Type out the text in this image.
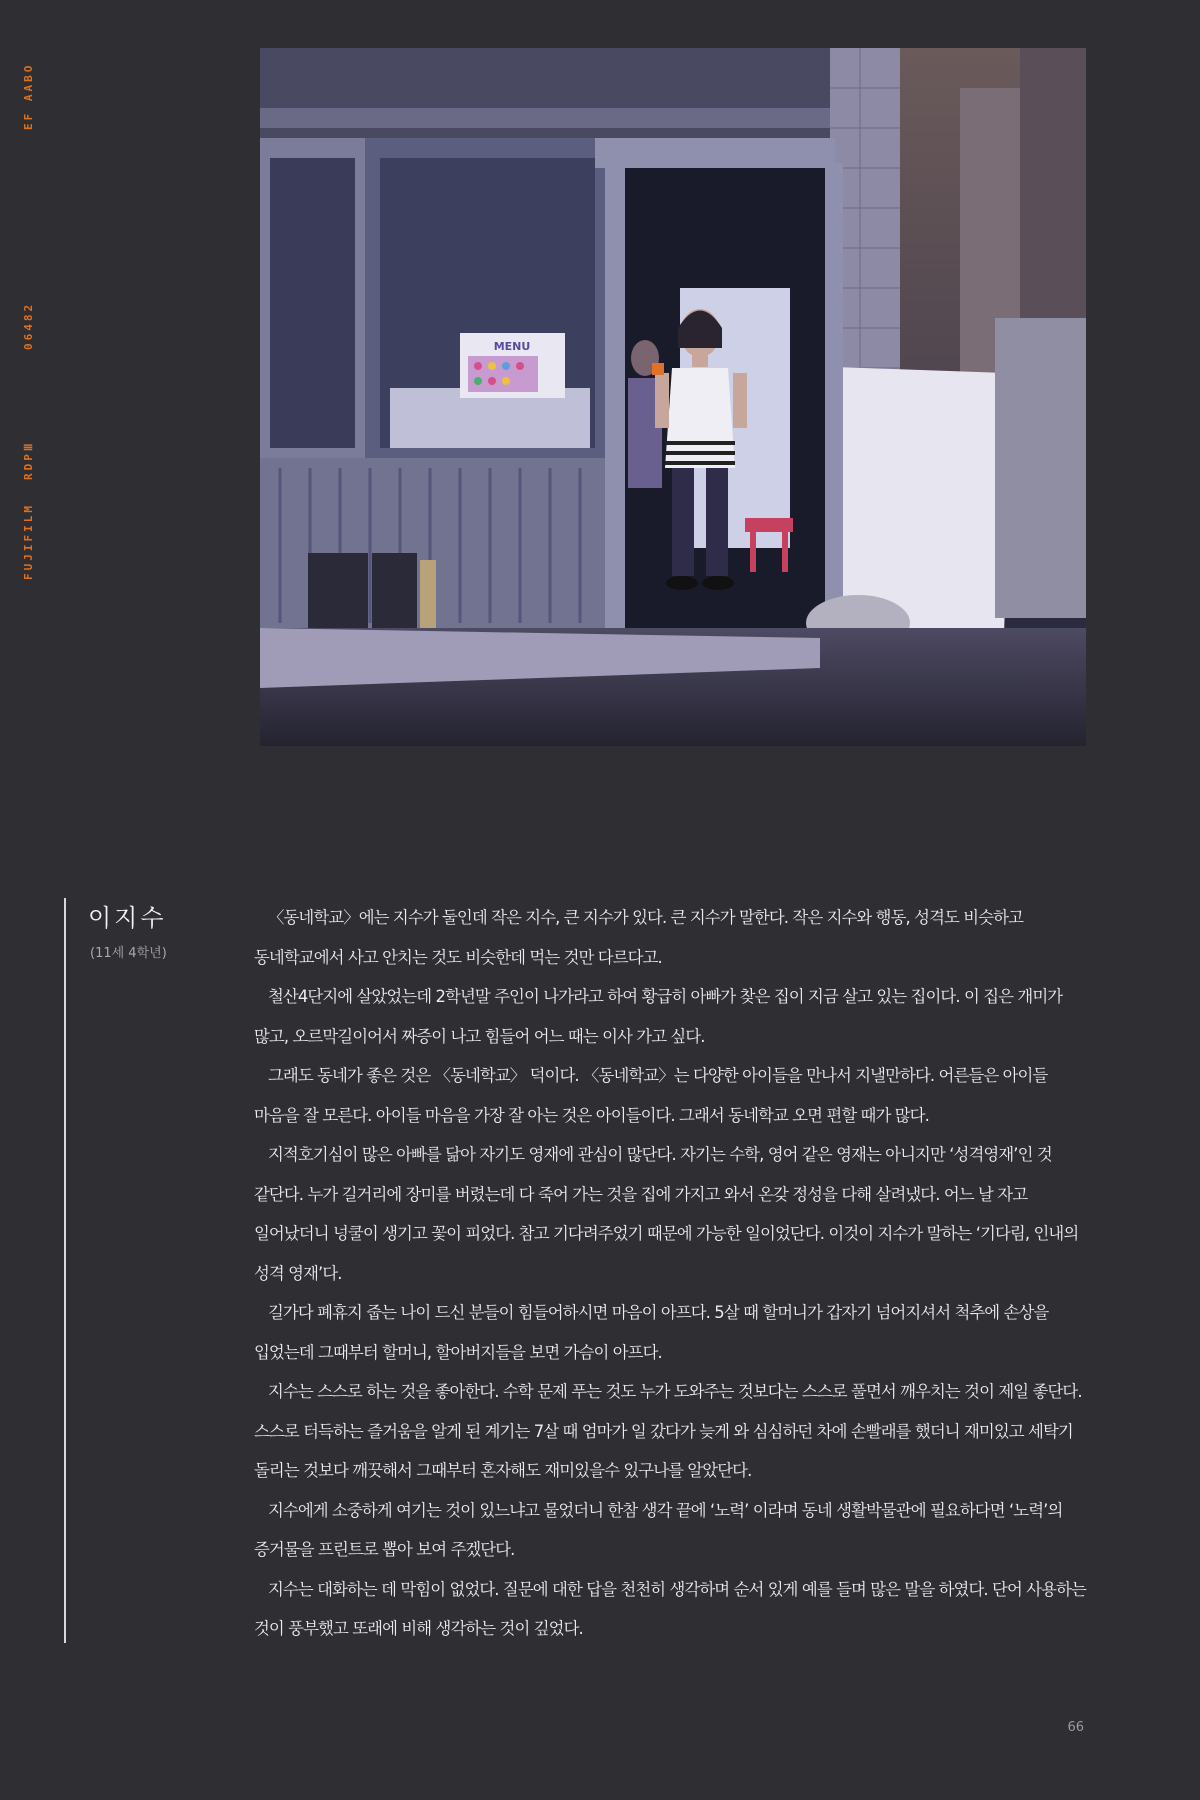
EF AABO
06482
RDPⅢ
FUJIFILM
MENU
이지수
(11세 4학년)

〈동네학교〉에는 지수가 둘인데 작은 지수, 큰 지수가 있다. 큰 지수가 말한다. 작은 지수와 행동, 성격도 비슷하고 동네학교에서 사고 안치는 것도 비슷한데 먹는 것만 다르다고.

철산4단지에 살았었는데 2학년말 주인이 나가라고 하여 황급히 아빠가 찾은 집이 지금 살고 있는 집이다. 이 집은 개미가 많고, 오르막길이어서 짜증이 나고 힘들어 어느 때는 이사 가고 싶다.

그래도 동네가 좋은 것은 〈동네학교〉 덕이다. 〈동네학교〉는 다양한 아이들을 만나서 지낼만하다. 어른들은 아이들 마음을 잘 모른다. 아이들 마음을 가장 잘 아는 것은 아이들이다. 그래서 동네학교 오면 편할 때가 많다.

지적호기심이 많은 아빠를 닮아 자기도 영재에 관심이 많단다. 자기는 수학, 영어 같은 영재는 아니지만 ‘성격영재’인 것 같단다. 누가 길거리에 장미를 버렸는데 다 죽어 가는 것을 집에 가지고 와서 온갖 정성을 다해 살려냈다. 어느 날 자고 일어났더니 넝쿨이 생기고 꽃이 피었다. 참고 기다려주었기 때문에 가능한 일이었단다. 이것이 지수가 말하는 ‘기다림, 인내의 성격 영재’다.

길가다 폐휴지 줍는 나이 드신 분들이 힘들어하시면 마음이 아프다. 5살 때 할머니가 갑자기 넘어지셔서 척추에 손상을 입었는데 그때부터 할머니, 할아버지들을 보면 가슴이 아프다.

지수는 스스로 하는 것을 좋아한다. 수학 문제 푸는 것도 누가 도와주는 것보다는 스스로 풀면서 깨우치는 것이 제일 좋단다. 스스로 터득하는 즐거움을 알게 된 계기는 7살 때 엄마가 일 갔다가 늦게 와 심심하던 차에 손빨래를 했더니 재미있고 세탁기 돌리는 것보다 깨끗해서 그때부터 혼자해도 재미있을수 있구나를 알았단다.

지수에게 소중하게 여기는 것이 있느냐고 물었더니 한참 생각 끝에 ‘노력’ 이라며 동네 생활박물관에 필요하다면 ‘노력’의 증거물을 프린트로 뽑아 보여 주겠단다.

지수는 대화하는 데 막힘이 없었다. 질문에 대한 답을 천천히 생각하며 순서 있게 예를 들며 많은 말을 하였다. 단어 사용하는 것이 풍부했고 또래에 비해 생각하는 것이 깊었다.

66
